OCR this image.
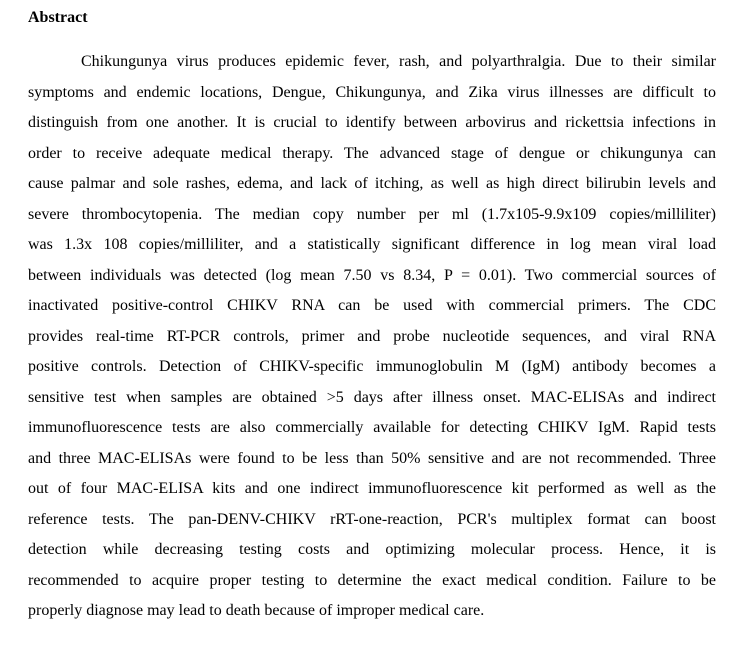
Abstract
Chikungunya virus produces epidemic fever, rash, and polyarthralgia. Due to their similar
symptoms and endemic locations, Dengue, Chikungunya, and Zika virus illnesses are difficult to
distinguish from one another. It is crucial to identify between arbovirus and rickettsia infections in
order to receive adequate medical therapy. The advanced stage of dengue or chikungunya can
cause palmar and sole rashes, edema, and lack of itching, as well as high direct bilirubin levels and
severe thrombocytopenia. The median copy number per ml (1.7x105-9.9x109 copies/milliliter)
was 1.3x 108 copies/milliliter, and a statistically significant difference in log mean viral load
between individuals was detected (log mean 7.50 vs 8.34, P = 0.01). Two commercial sources of
inactivated positive-control CHIKV RNA can be used with commercial primers. The CDC
provides real-time RT-PCR controls, primer and probe nucleotide sequences, and viral RNA
positive controls. Detection of CHIKV-specific immunoglobulin M (IgM) antibody becomes a
sensitive test when samples are obtained >5 days after illness onset. MAC-ELISAs and indirect
immunofluorescence tests are also commercially available for detecting CHIKV IgM. Rapid tests
and three MAC-ELISAs were found to be less than 50% sensitive and are not recommended. Three
out of four MAC-ELISA kits and one indirect immunofluorescence kit performed as well as the
reference tests. The pan-DENV-CHIKV rRT-one-reaction, PCR's multiplex format can boost
detection while decreasing testing costs and optimizing molecular process. Hence, it is
recommended to acquire proper testing to determine the exact medical condition. Failure to be
properly diagnose may lead to death because of improper medical care.
